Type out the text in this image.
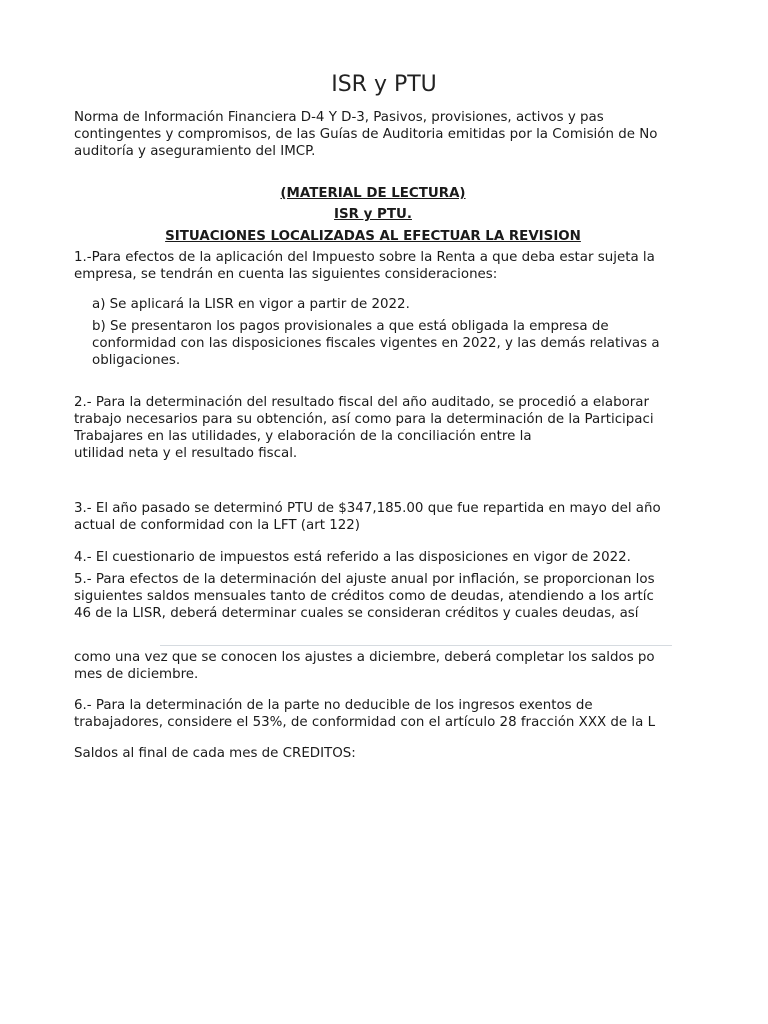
ISR y PTU
Norma de Información Financiera D-4 Y D-3, Pasivos, provisiones, activos y pas
contingentes y compromisos, de las Guías de Auditoria emitidas por la Comisión de No
auditoría y aseguramiento del IMCP.
(MATERIAL DE LECTURA)
ISR y PTU.
SITUACIONES LOCALIZADAS AL EFECTUAR LA REVISION
1.-Para efectos de la aplicación del Impuesto sobre la Renta a que deba estar sujeta la
empresa, se tendrán en cuenta las siguientes consideraciones:
a) Se aplicará la LISR en vigor a partir de 2022.
b) Se presentaron los pagos provisionales a que está obligada la empresa de
conformidad con las disposiciones fiscales vigentes en 2022, y las demás relativas a
obligaciones.
2.- Para la determinación del resultado fiscal del año auditado, se procedió a elaborar
trabajo necesarios para su obtención, así como para la determinación de la Participaci
Trabajares en las utilidades, y elaboración de la conciliación entre la
utilidad neta y el resultado fiscal.
3.- El año pasado se determinó PTU de $347,185.00 que fue repartida en mayo del año
actual de conformidad con la LFT (art 122)
4.- El cuestionario de impuestos está referido a las disposiciones en vigor de 2022.
5.- Para efectos de la determinación del ajuste anual por inflación, se proporcionan los
siguientes saldos mensuales tanto de créditos como de deudas, atendiendo a los artíc
46 de la LISR, deberá determinar cuales se consideran créditos y cuales deudas, así
como una vez que se conocen los ajustes a diciembre, deberá completar los saldos po
mes de diciembre.
6.- Para la determinación de la parte no deducible de los ingresos exentos de
trabajadores, considere el 53%, de conformidad con el artículo 28 fracción XXX de la L
Saldos al final de cada mes de CRÉDITOS:
